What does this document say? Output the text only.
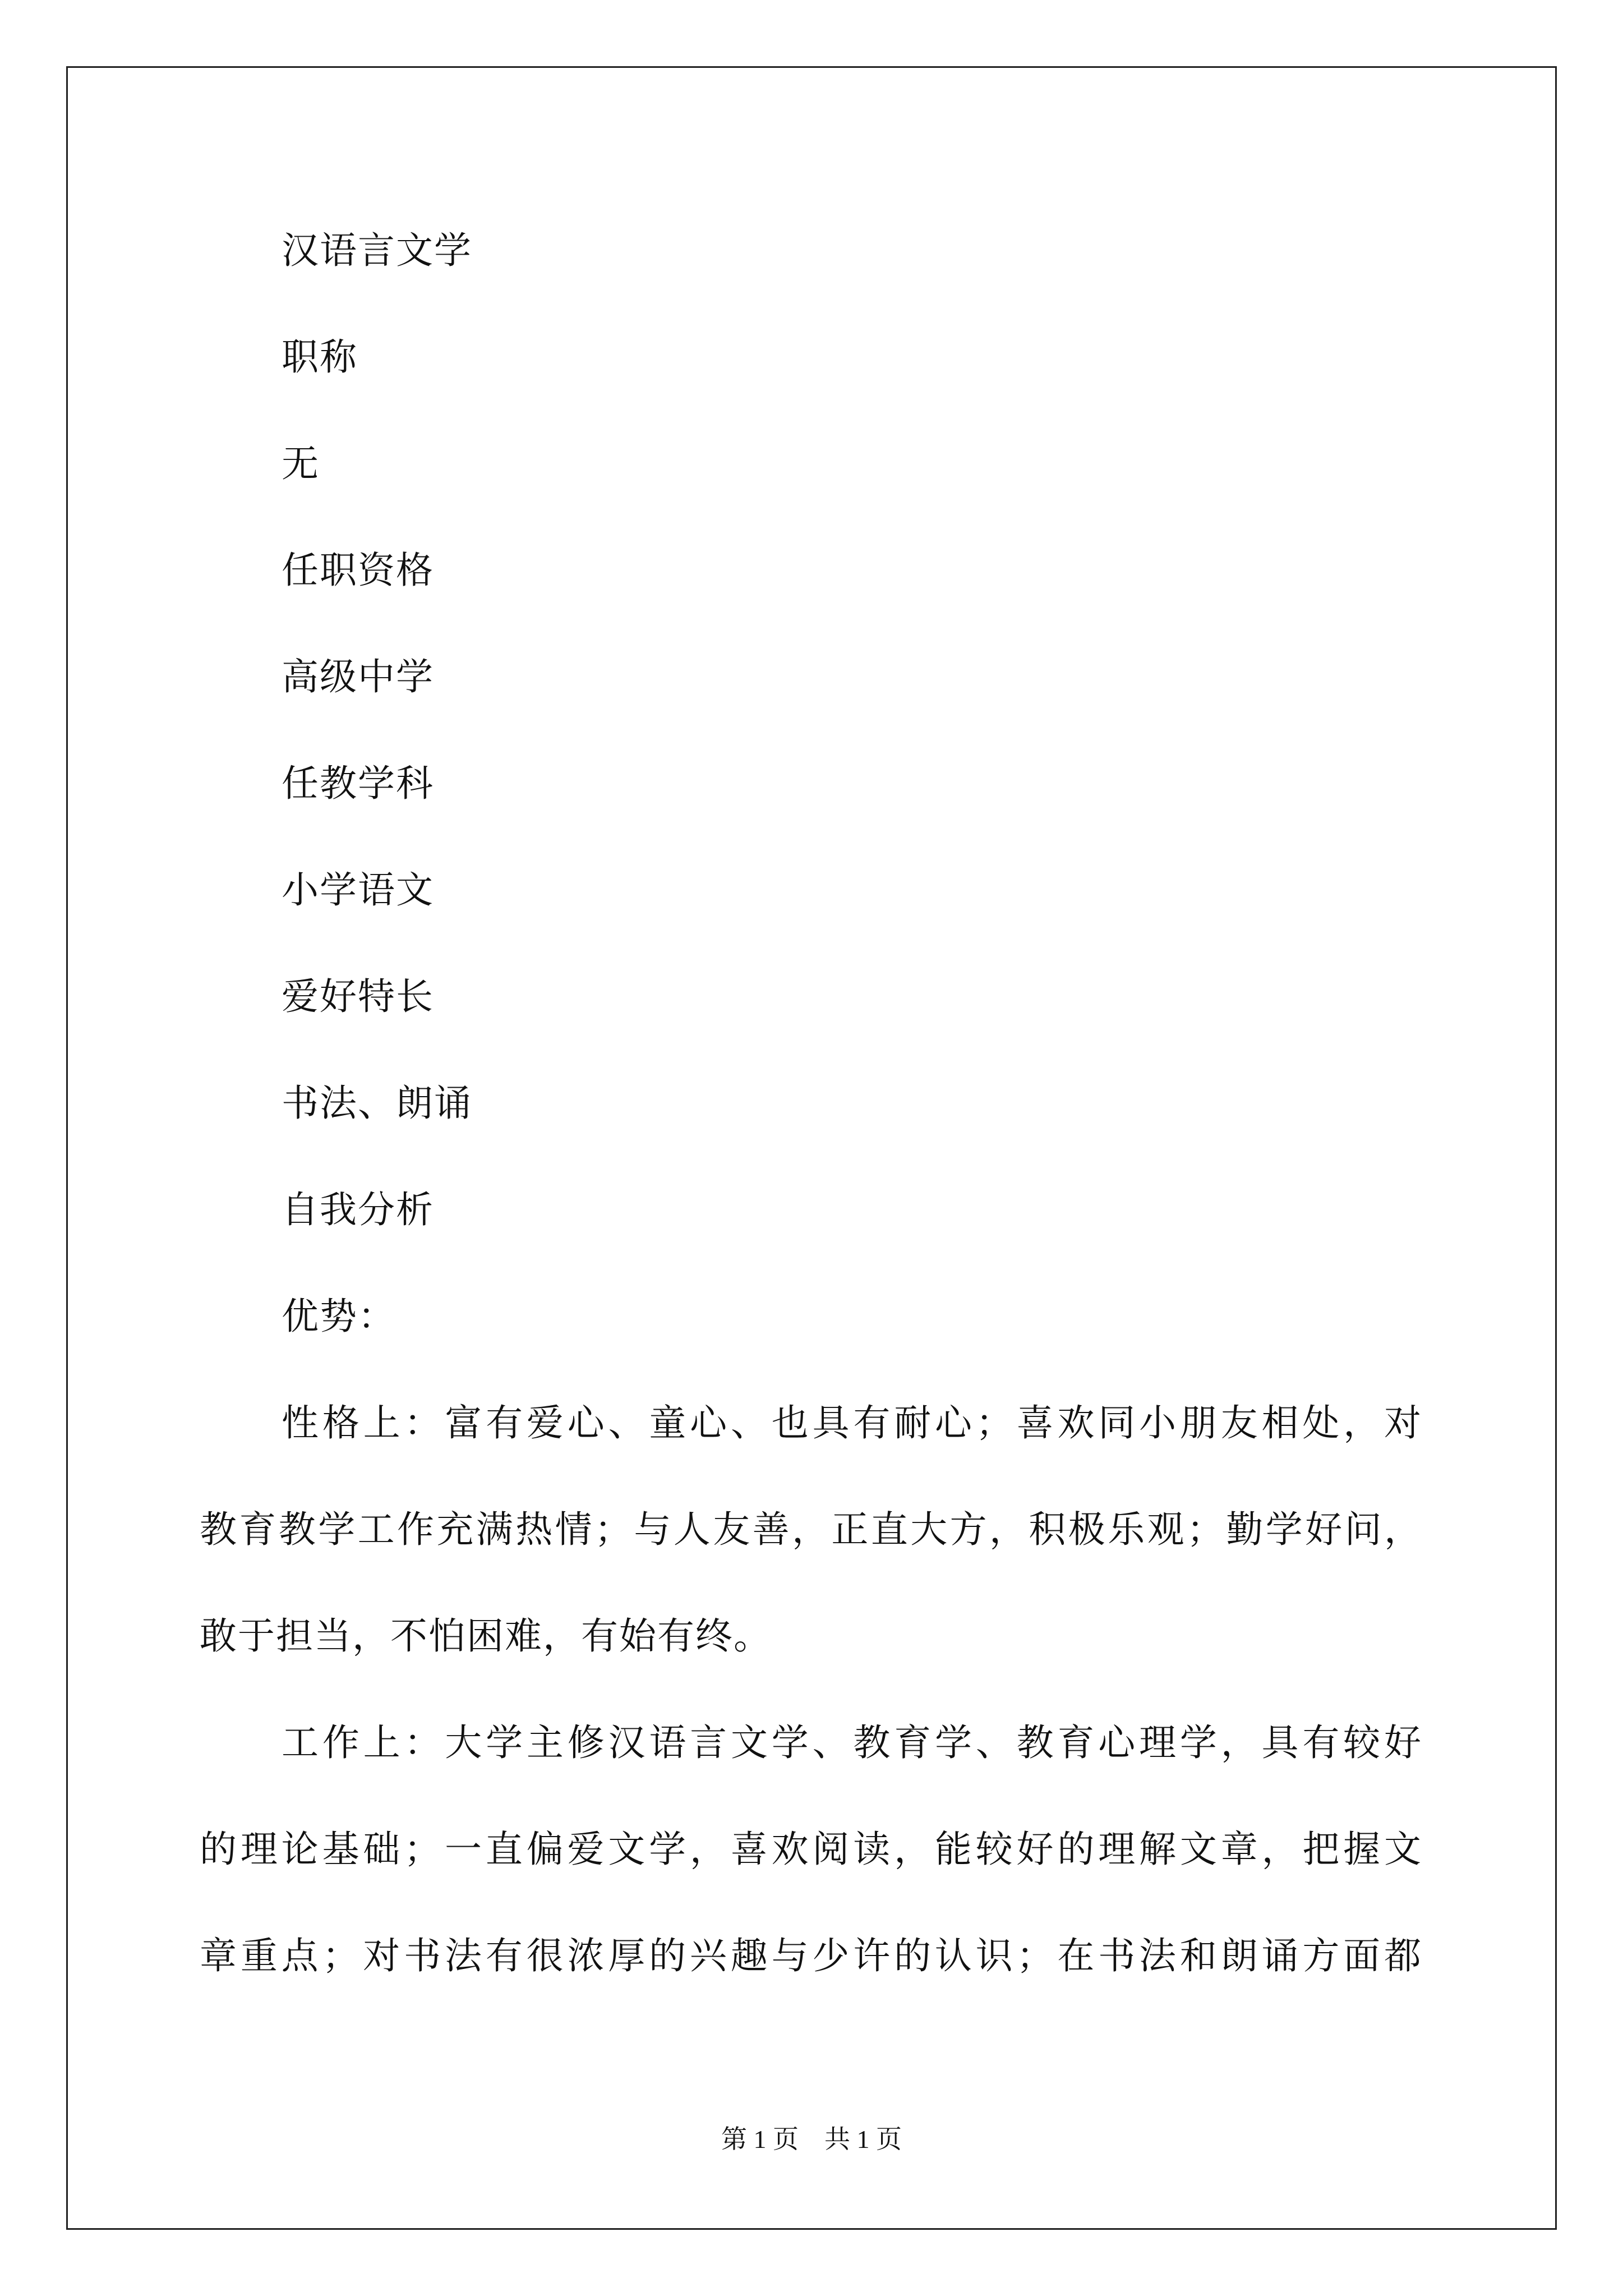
汉语言文学
职称
无
任职资格
高级中学
任教学科
小学语文
爱好特长
书法、朗诵
自我分析
优势：
性格上：富有爱心、童心、也具有耐心；喜欢同小朋友相处，对
教育教学工作充满热情；与人友善，正直大方，积极乐观；勤学好问，
敢于担当，不怕困难，有始有终。
工作上：大学主修汉语言文学、教育学、教育心理学，具有较好
的理论基础；一直偏爱文学，喜欢阅读，能较好的理解文章，把握文
章重点；对书法有很浓厚的兴趣与少许的认识；在书法和朗诵方面都
第 1 页　共 1 页
